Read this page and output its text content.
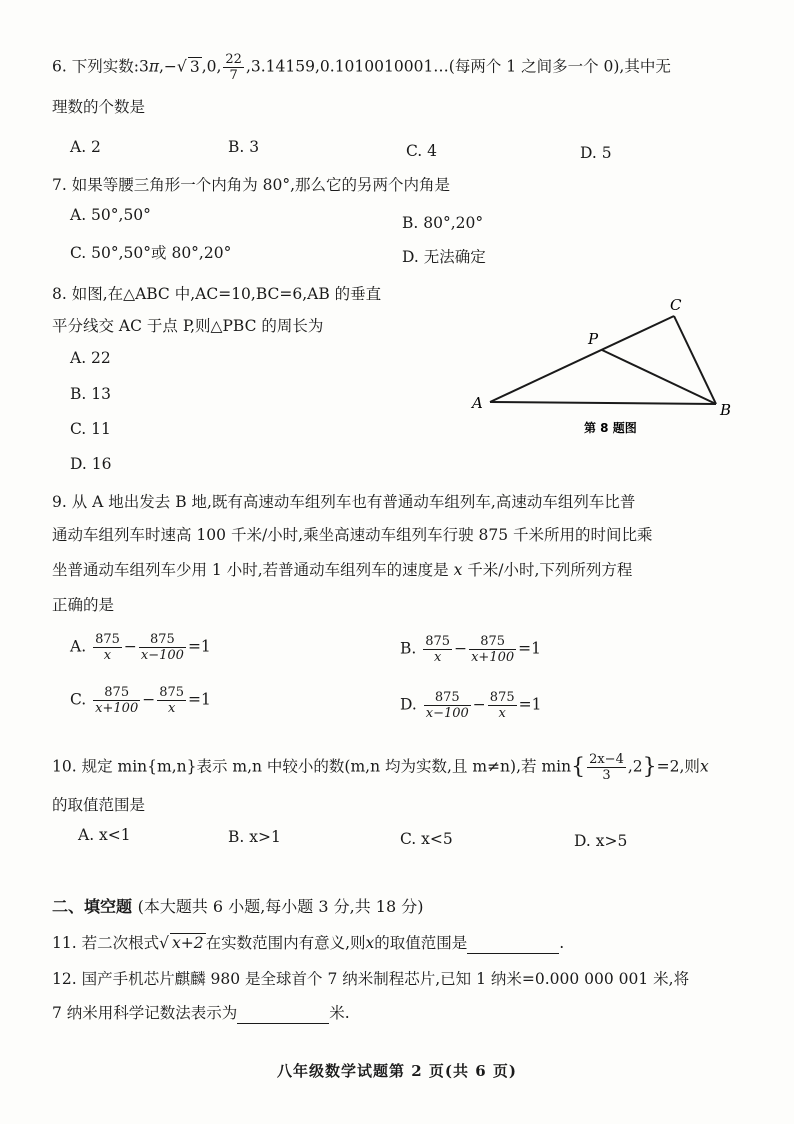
6. 下列实数:3π,−√ 3 ,0, $\frac{22}{7}$ ,3.14159,0.1010010001…(每两个 1 之间多一个 0),其中无
理数的个数是
A. 2	B. 3	C. 4	D. 5
7. 如果等腰三角形一个内角为 80°,那么它的另两个内角是
A. 50°,50°	B. 80°,20°
C. 50°,50°或 80°,20°	D. 无法确定
8. 如图,在△ABC 中,AC=10,BC=6,AB 的垂直
平分线交 AC 于点 P,则△PBC 的周长为
A. 22
B. 13
C. 11
D. 16
A	B
C
P
第 8 题图
9. 从 A 地出发去 B 地,既有高速动车组列车也有普通动车组列车,高速动车组列车比普
通动车组列车时速高 100 千米/小时,乘坐高速动车组列车行驶 875 千米所用的时间比乘
坐普通动车组列车少用 1 小时,若普通动车组列车的速度是 x 千米/小时,下列所列方程
正确的是
A. $\frac{875}{x} - \frac{875}{x-100} =1$	B. $\frac{875}{x} - \frac{875}{x+100} =1$
C. $\frac{875}{x+100} - \frac{875}{x} =1$	D. $\frac{875}{x-100} - \frac{875}{x} =1$
10. 规定 min{m,n}表示 m,n 中较小的数(m,n 均为实数,且 m≠n),若 $\min\{ \frac{2x-4}{3} ,2\}=2$,则x
的取值范围是
A. x<1	B. x>1	C. x<5	D. x>5
二、填空题 (本大题共 6 小题,每小题 3 分,共 18 分)
11. 若二次根式√ x+2 在实数范围内有意义,则x的取值范围是	.
12. 国产手机芯片麒麟 980 是全球首个 7 纳米制程芯片,已知 1 纳米=0.000 000 001 米,将
7 纳米用科学记数法表示为	米.
八年级数学试题第 2 页(共 6 页)
